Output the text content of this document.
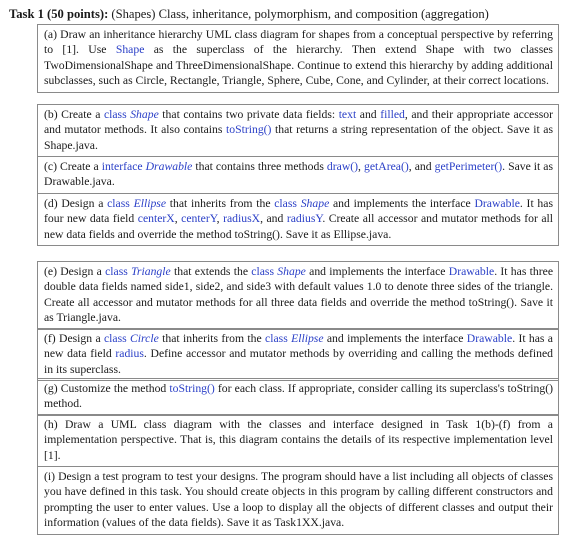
Task 1 (50 points): (Shapes) Class, inheritance, polymorphism, and composition (aggregation)
(a) Draw an inheritance hierarchy UML class diagram for shapes from a conceptual perspective by referring to [1]. Use Shape as the superclass of the hierarchy. Then extend Shape with two classes TwoDimensionalShape and ThreeDimensionalShape. Continue to extend this hierarchy by adding additional subclasses, such as Circle, Rectangle, Triangle, Sphere, Cube, Cone, and Cylinder, at their correct locations.
(b) Create a class Shape that contains two private data fields: text and filled, and their appropriate accessor and mutator methods. It also contains toString() that returns a string representation of the object. Save it as Shape.java.
(c) Create a interface Drawable that contains three methods draw(), getArea(), and getPerimeter(). Save it as Drawable.java.
(d) Design a class Ellipse that inherits from the class Shape and implements the interface Drawable. It has four new data field centerX, centerY, radiusX, and radiusY. Create all accessor and mutator methods for all new data fields and override the method toString(). Save it as Ellipse.java.
(e) Design a class Triangle that extends the class Shape and implements the interface Drawable. It has three double data fields named side1, side2, and side3 with default values 1.0 to denote three sides of the triangle. Create all accessor and mutator methods for all three data fields and override the method toString(). Save it as Triangle.java.
(f) Design a class Circle that inherits from the class Ellipse and implements the interface Drawable. It has a new data field radius. Define accessor and mutator methods by overriding and calling the methods defined in its superclass.
(g) Customize the method toString() for each class. If appropriate, consider calling its superclass's toString() method.
(h) Draw a UML class diagram with the classes and interface designed in Task 1(b)-(f) from a implementation perspective. That is, this diagram contains the details of its respective implementation level [1].
(i) Design a test program to test your designs. The program should have a list including all objects of classes you have defined in this task. You should create objects in this program by calling different constructors and prompting the user to enter values. Use a loop to display all the objects of different classes and output their information (values of the data fields). Save it as Task1XX.java.
